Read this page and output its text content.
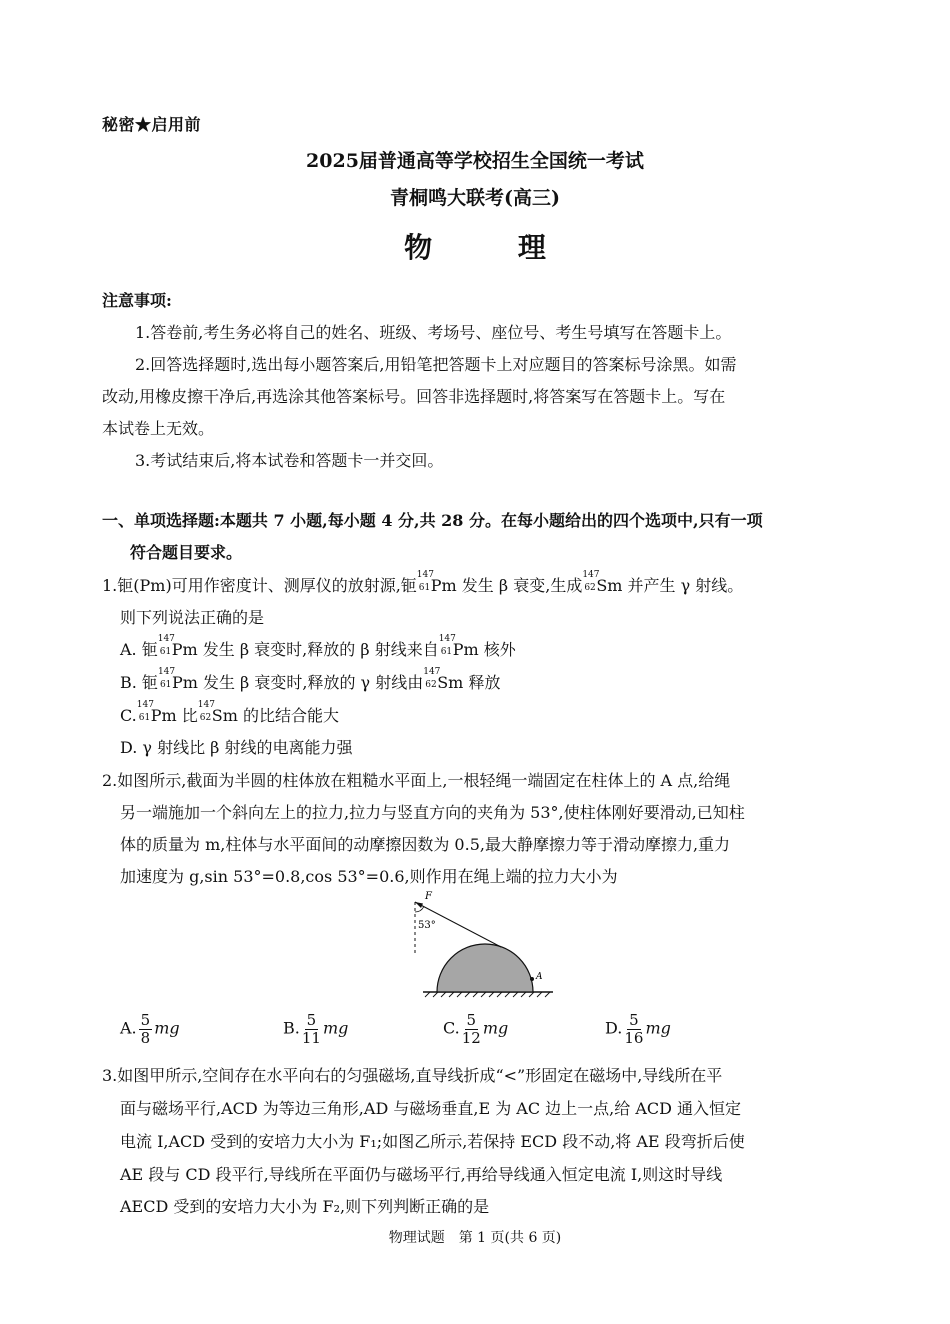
秘密★启用前
2025届普通高等学校招生全国统一考试
青桐鸣大联考(高三)
物 理
注意事项:
1.答卷前,考生务必将自己的姓名、班级、考场号、座位号、考生号填写在答题卡上。
2.回答选择题时,选出每小题答案后,用铅笔把答题卡上对应题目的答案标号涂黑。如需
改动,用橡皮擦干净后,再选涂其他答案标号。回答非选择题时,将答案写在答题卡上。写在
本试卷上无效。
3.考试结束后,将本试卷和答题卡一并交回。
一、单项选择题:本题共 7 小题,每小题 4 分,共 28 分。在每小题给出的四个选项中,只有一项
符合题目要求。
1.钷(Pm)可用作密度计、测厚仪的放射源,钷
147
61 Pm 发生 β 衰变,生成
147
62 Sm 并产生 γ 射线。
则下列说法正确的是
A. 钷
147
61 Pm 发生 β 衰变时,释放的 β 射线来自
147
61 Pm 核外
B. 钷
147
61 Pm 发生 β 衰变时,释放的 γ 射线由
147
62 Sm 释放
C.
147
61 Pm 比
147
62 Sm 的比结合能大
D. γ 射线比 β 射线的电离能力强
2.如图所示,截面为半圆的柱体放在粗糙水平面上,一根轻绳一端固定在柱体上的 A 点,给绳
另一端施加一个斜向左上的拉力,拉力与竖直方向的夹角为 53°,使柱体刚好要滑动,已知柱
体的质量为 m,柱体与水平面间的动摩擦因数为 0.5,最大静摩擦力等于滑动摩擦力,重力
加速度为 g,sin 53°=0.8,cos 53°=0.6,则作用在绳上端的拉力大小为
F
53°
A
A. $\frac{5}{8}$ mg	B. $\frac{5}{11}$ mg	C. $\frac{5}{12}$ mg	D. $\frac{5}{16}$ mg
3.如图甲所示,空间存在水平向右的匀强磁场,直导线折成“<”形固定在磁场中,导线所在平
面与磁场平行,ACD 为等边三角形,AD 与磁场垂直,E 为 AC 边上一点,给 ACD 通入恒定
电流 I,ACD 受到的安培力大小为 F₁;如图乙所示,若保持 ECD 段不动,将 AE 段弯折后使
AE 段与 CD 段平行,导线所在平面仍与磁场平行,再给导线通入恒定电流 I,则这时导线
AECD 受到的安培力大小为 F₂,则下列判断正确的是
物理试题　第 1 页(共 6 页)
